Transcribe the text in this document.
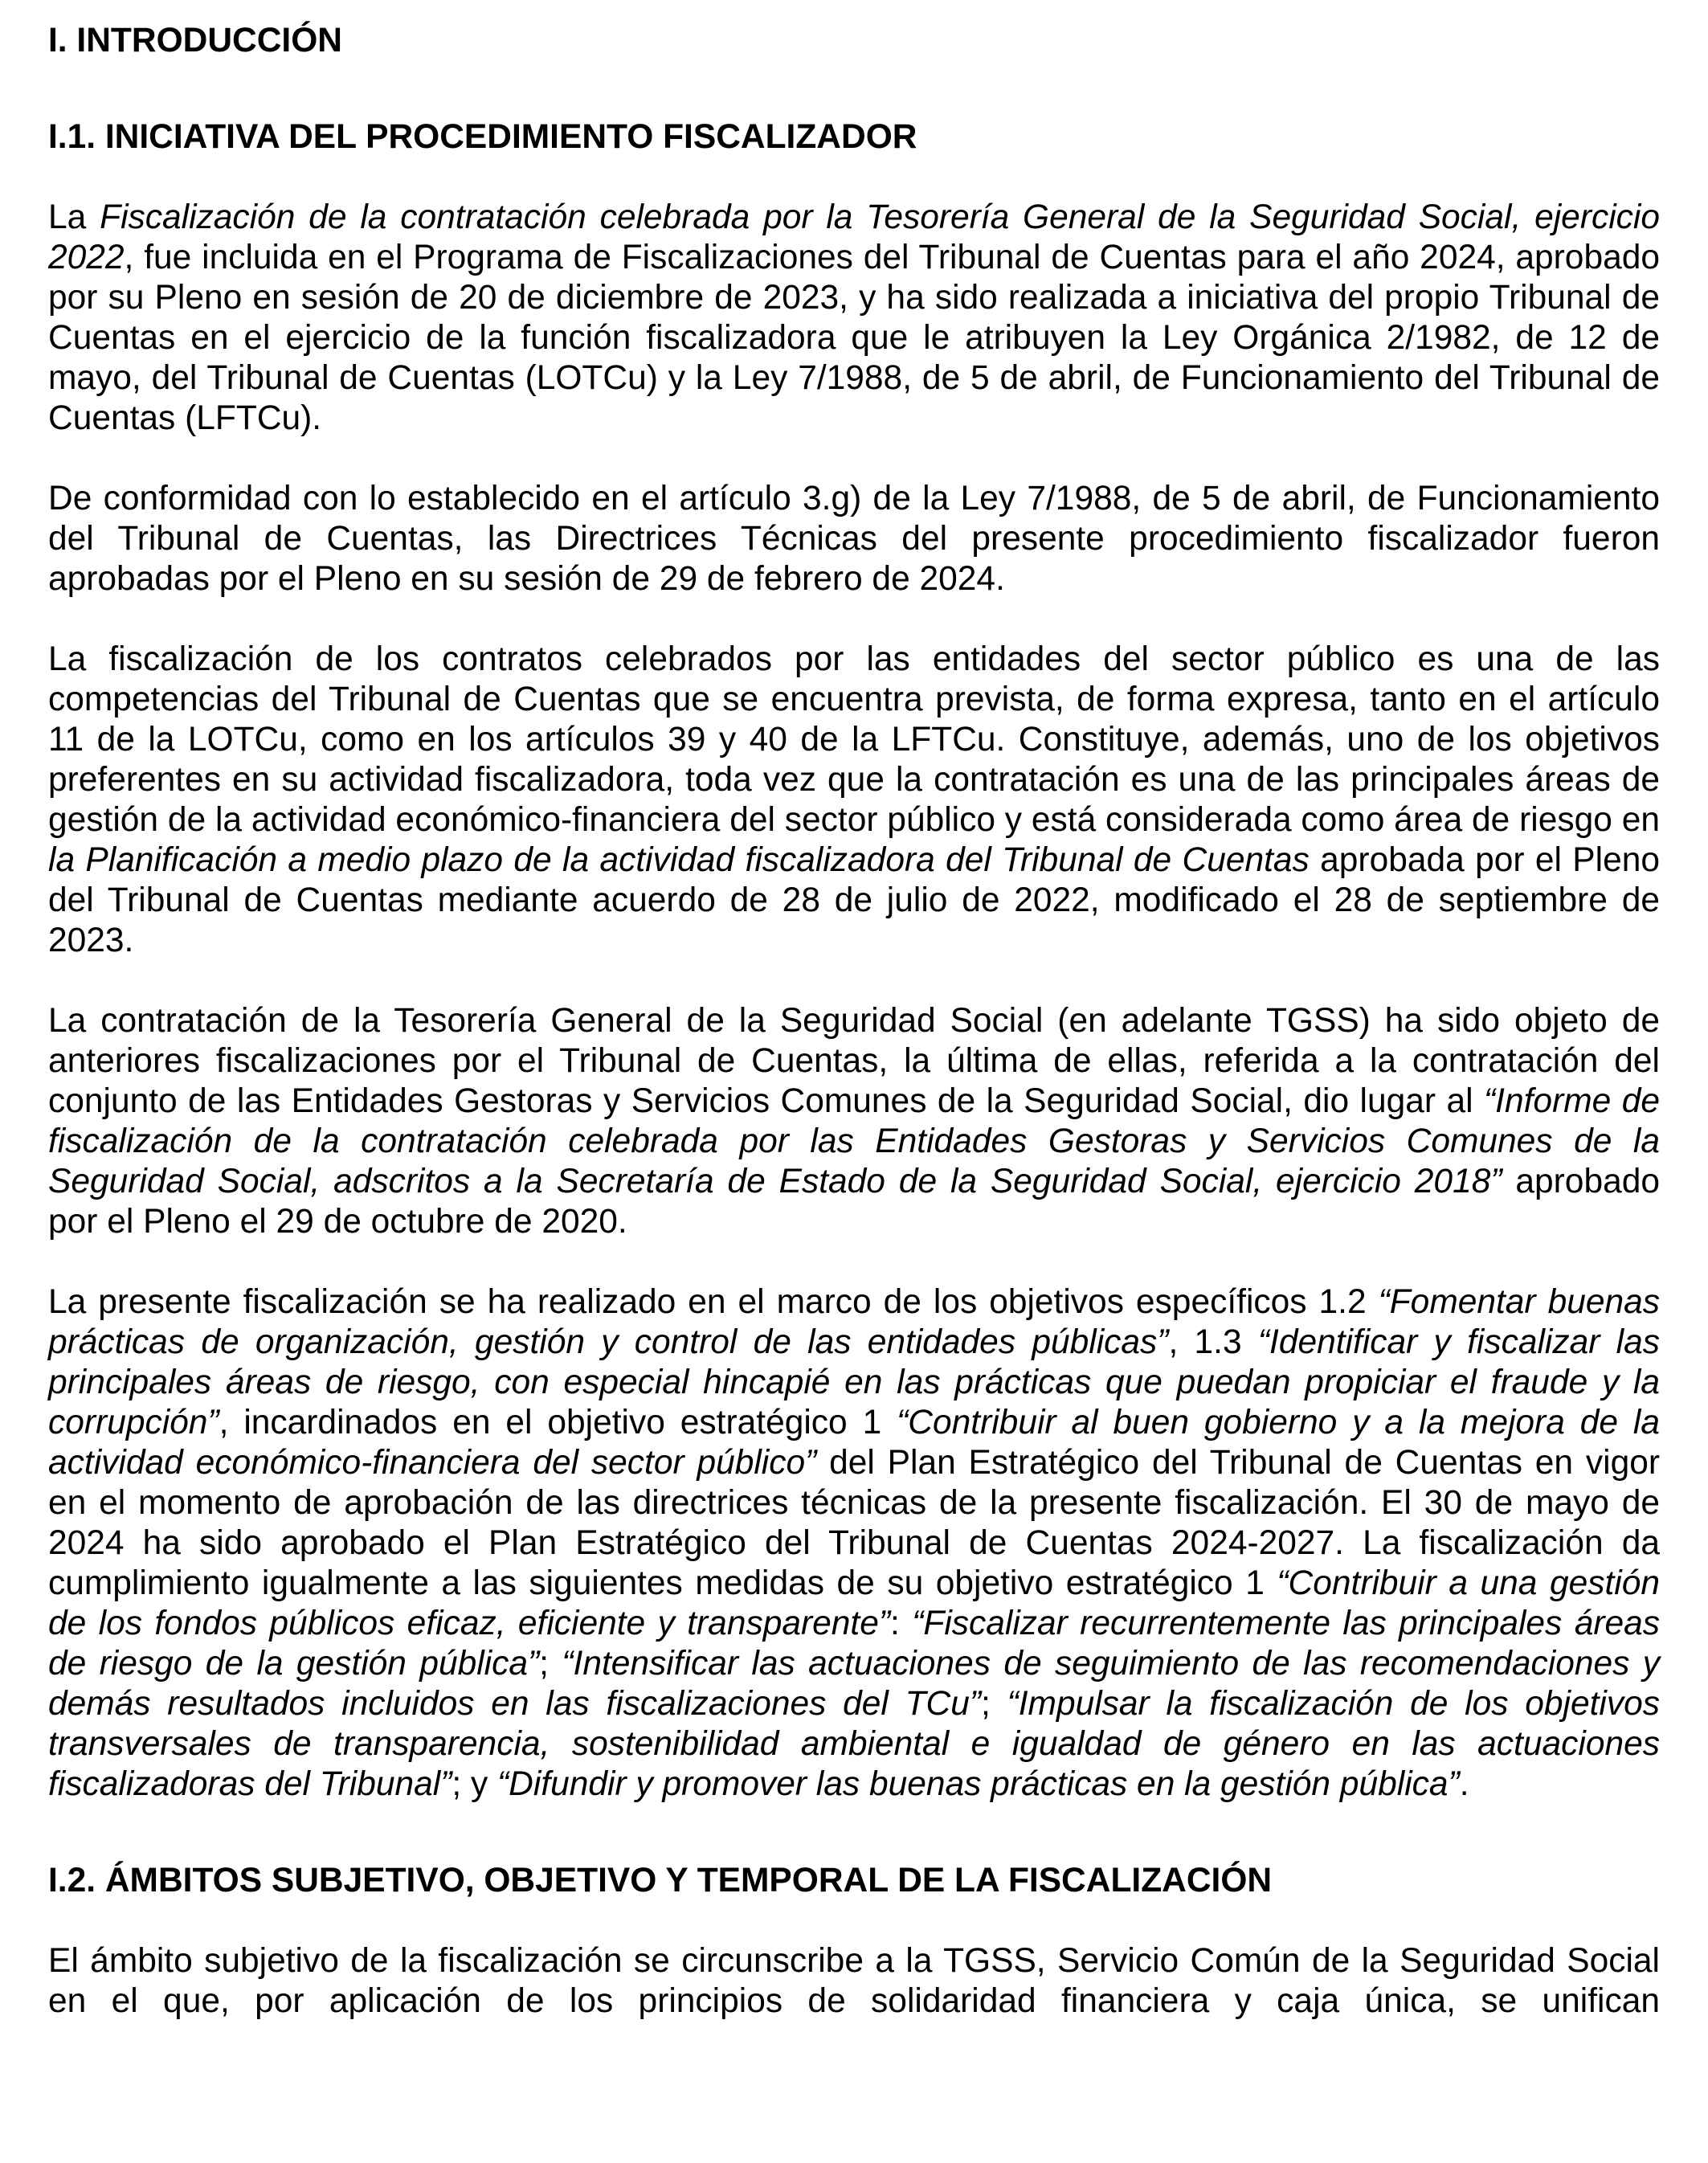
I. INTRODUCCIÓN
I.1. INICIATIVA DEL PROCEDIMIENTO FISCALIZADOR

La Fiscalización de la contratación celebrada por la Tesorería General de la Seguridad Social, ejercicio 2022, fue incluida en el Programa de Fiscalizaciones del Tribunal de Cuentas para el año 2024, aprobado por su Pleno en sesión de 20 de diciembre de 2023, y ha sido realizada a iniciativa del propio Tribunal de Cuentas en el ejercicio de la función fiscalizadora que le atribuyen la Ley Orgánica 2/1982, de 12 de mayo, del Tribunal de Cuentas (LOTCu) y la Ley 7/1988, de 5 de abril, de Funcionamiento del Tribunal de Cuentas (LFTCu).

De conformidad con lo establecido en el artículo 3.g) de la Ley 7/1988, de 5 de abril, de Funcionamiento del Tribunal de Cuentas, las Directrices Técnicas del presente procedimiento fiscalizador fueron aprobadas por el Pleno en su sesión de 29 de febrero de 2024.

La fiscalización de los contratos celebrados por las entidades del sector público es una de las competencias del Tribunal de Cuentas que se encuentra prevista, de forma expresa, tanto en el artículo 11 de la LOTCu, como en los artículos 39 y 40 de la LFTCu. Constituye, además, uno de los objetivos preferentes en su actividad fiscalizadora, toda vez que la contratación es una de las principales áreas de gestión de la actividad económico-financiera del sector público y está considerada como área de riesgo en la Planificación a medio plazo de la actividad fiscalizadora del Tribunal de Cuentas aprobada por el Pleno del Tribunal de Cuentas mediante acuerdo de 28 de julio de 2022, modificado el 28 de septiembre de 2023.

La contratación de la Tesorería General de la Seguridad Social (en adelante TGSS) ha sido objeto de anteriores fiscalizaciones por el Tribunal de Cuentas, la última de ellas, referida a la contratación del conjunto de las Entidades Gestoras y Servicios Comunes de la Seguridad Social, dio lugar al “Informe de fiscalización de la contratación celebrada por las Entidades Gestoras y Servicios Comunes de la Seguridad Social, adscritos a la Secretaría de Estado de la Seguridad Social, ejercicio 2018” aprobado por el Pleno el 29 de octubre de 2020.

La presente fiscalización se ha realizado en el marco de los objetivos específicos 1.2 “Fomentar buenas prácticas de organización, gestión y control de las entidades públicas”, 1.3 “Identificar y fiscalizar las principales áreas de riesgo, con especial hincapié en las prácticas que puedan propiciar el fraude y la corrupción”, incardinados en el objetivo estratégico 1 “Contribuir al buen gobierno y a la mejora de la actividad económico-financiera del sector público” del Plan Estratégico del Tribunal de Cuentas en vigor en el momento de aprobación de las directrices técnicas de la presente fiscalización. El 30 de mayo de 2024 ha sido aprobado el Plan Estratégico del Tribunal de Cuentas 2024-2027. La fiscalización da cumplimiento igualmente a las siguientes medidas de su objetivo estratégico 1 “Contribuir a una gestión de los fondos públicos eficaz, eficiente y transparente”: “Fiscalizar recurrentemente las principales áreas de riesgo de la gestión pública”; “Intensificar las actuaciones de seguimiento de las recomendaciones y demás resultados incluidos en las fiscalizaciones del TCu”; “Impulsar la fiscalización de los objetivos transversales de transparencia, sostenibilidad ambiental e igualdad de género en las actuaciones fiscalizadoras del Tribunal”; y “Difundir y promover las buenas prácticas en la gestión pública”.

I.2. ÁMBITOS SUBJETIVO, OBJETIVO Y TEMPORAL DE LA FISCALIZACIÓN

El ámbito subjetivo de la fiscalización se circunscribe a la TGSS, Servicio Común de la Seguridad Social en el que, por aplicación de los principios de solidaridad financiera y caja única, se unifican
